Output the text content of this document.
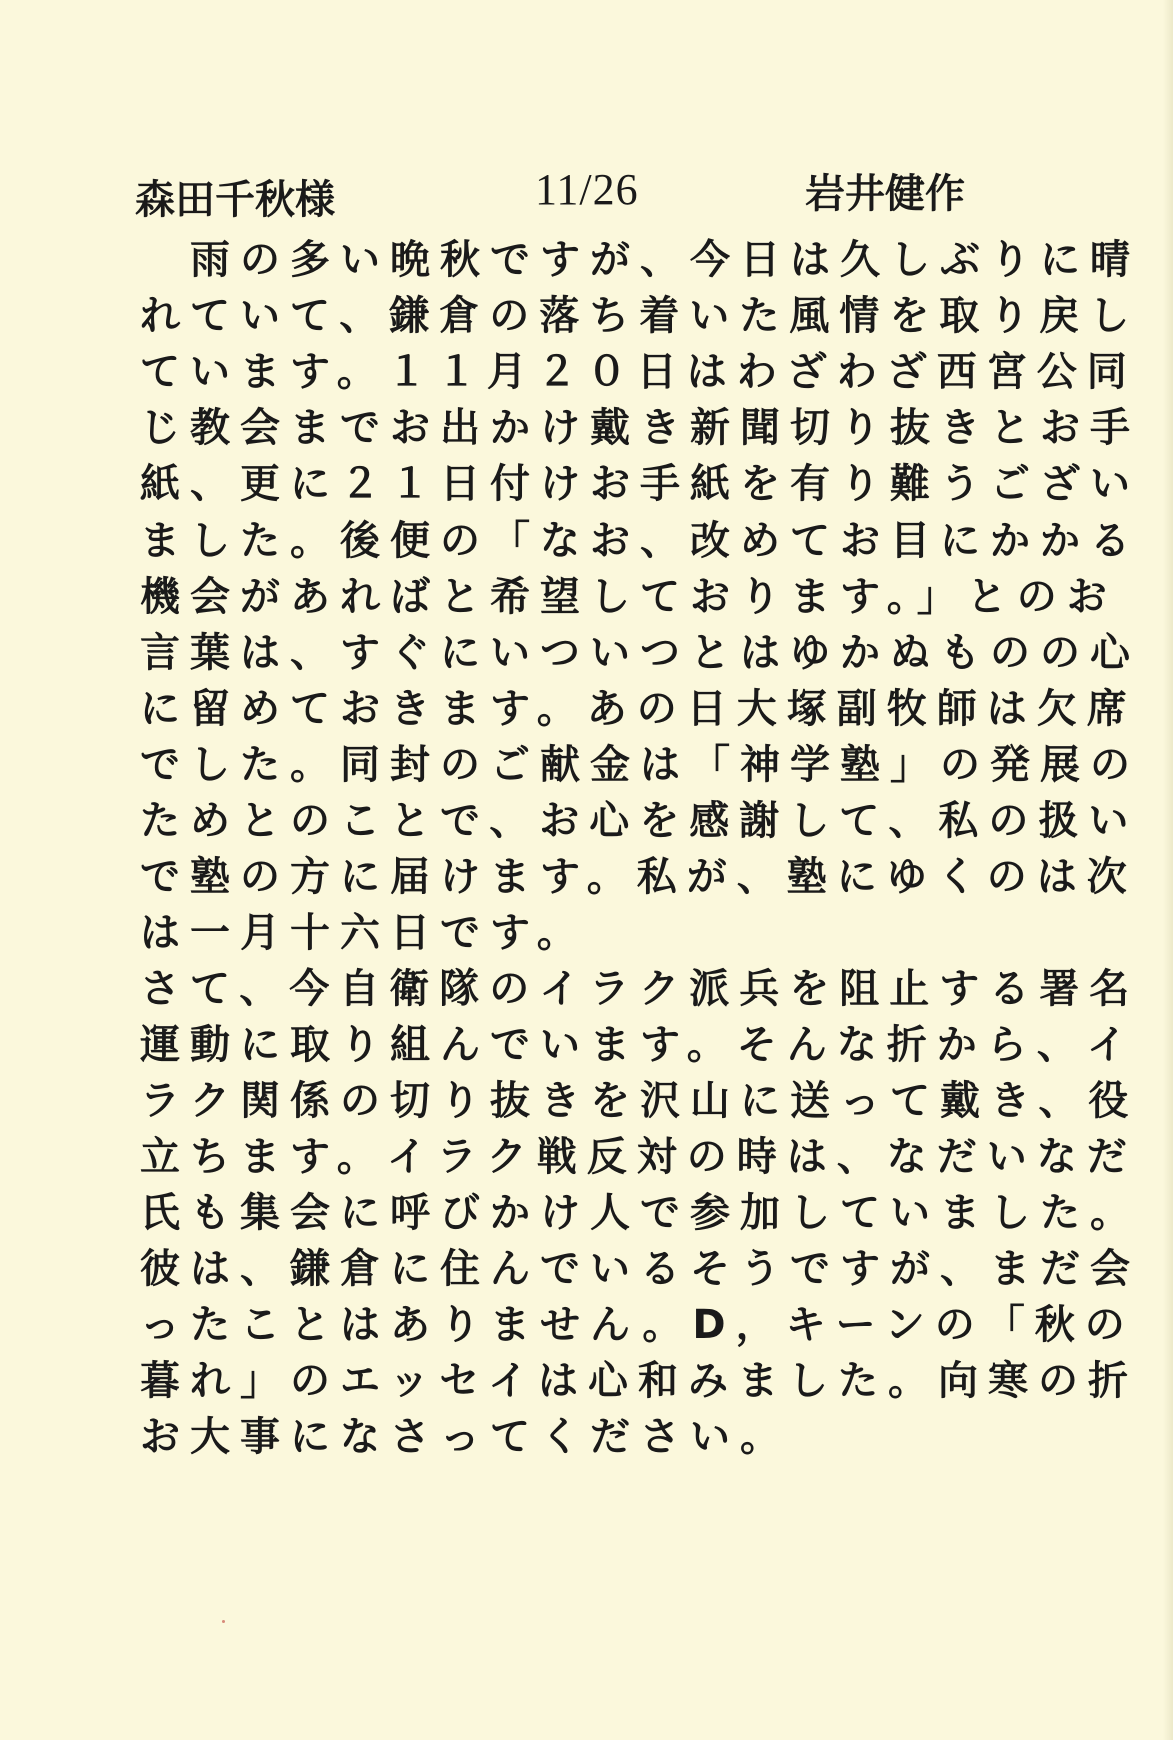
森田千秋様	11/26	岩井健作
　雨の多い晩秋ですが、今日は久しぶりに晴
れていて、鎌倉の落ち着いた風情を取り戻し
ています。１１月２０日はわざわざ西宮公同
じ教会までお出かけ戴き新聞切り抜きとお手
紙、更に２１日付けお手紙を有り難うござい
ました。後便の「なお、改めてお目にかかる
機会があればと希望しております。」とのお
言葉は、すぐにいついつとはゆかぬものの心
に留めておきます。あの日大塚副牧師は欠席
でした。同封のご献金は「神学塾」の発展の
ためとのことで、お心を感謝して、私の扱い
で塾の方に届けます。私が、塾にゆくのは次
は一月十六日です。
さて、今自衛隊のイラク派兵を阻止する署名
運動に取り組んでいます。そんな折から、イ
ラク関係の切り抜きを沢山に送って戴き、役
立ちます。イラク戦反対の時は、なだいなだ
氏も集会に呼びかけ人で参加していました。
彼は、鎌倉に住んでいるそうですが、まだ会
ったことはありません。D，キーンの「秋の
暮れ」のエッセイは心和みました。向寒の折
お大事になさってください。
